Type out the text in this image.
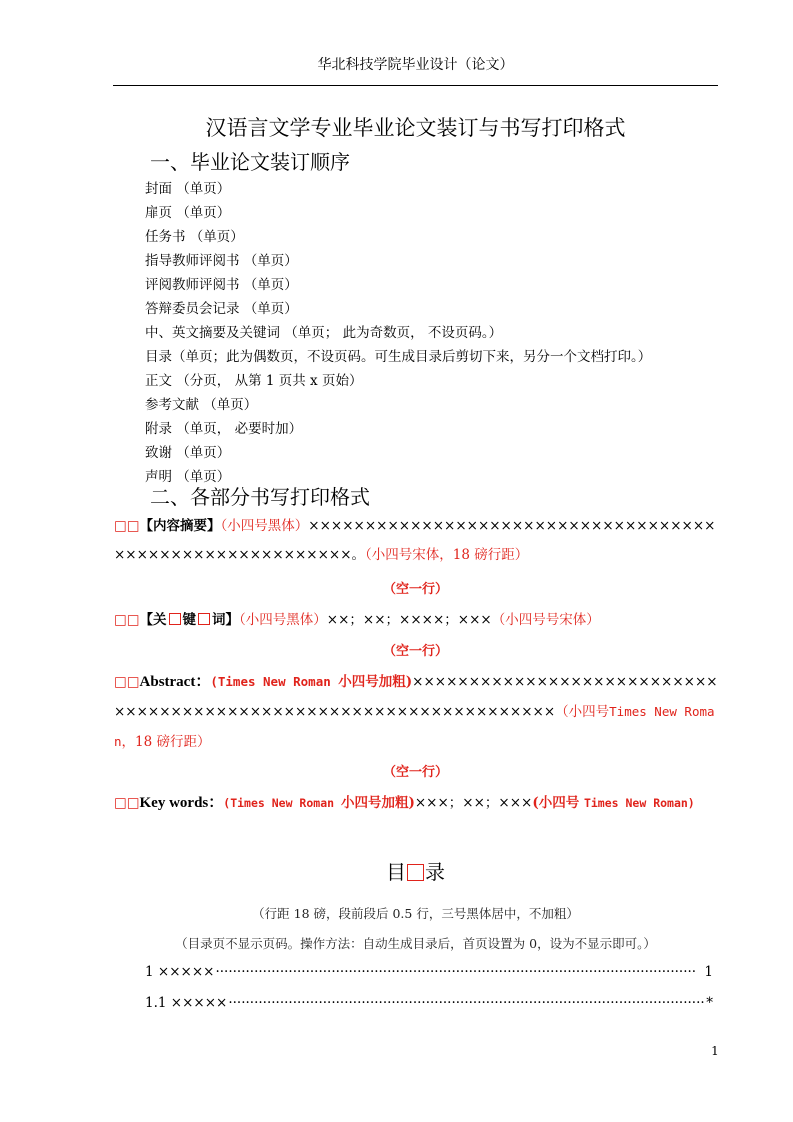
华北科技学院毕业设计（论文）
汉语言文学专业毕业论文装订与书写打印格式
一、毕业论文装订顺序
封面 （单页）
扉页 （单页）
任务书 （单页）
指导教师评阅书 （单页）
评阅教师评阅书 （单页）
答辩委员会记录 （单页）
中、英文摘要及关键词 （单页； 此为奇数页， 不设页码。）
目录（单页；此为偶数页，不设页码。可生成目录后剪切下来，另分一个文档打印。）
正文 （分页， 从第 1 页共 x 页始）
参考文献 （单页）
附录 （单页， 必要时加）
致谢 （单页）
声明 （单页）
二、各部分书写打印格式
□□【内容摘要】（小四号黑体）×××××××××××××××××××××××××××××××××××××××××××××××××××××××××。（小四号宋体，18 磅行距）
（空一行）
□□【关 键 词】（小四号黑体）××；××；××××；×××（小四号号宋体）
（空一行）
□□Abstract：(Times New Roman 小四号加粗)××××××××××××××××××××××××××××××××××××××××××××××××××××××××××××××××××（小四号Times New Roman，18 磅行距）
（空一行）
□□Key words：(Times New Roman 小四号加粗)×××；××；×××(小四号 Times New Roman)
目 录
（行距 18 磅，段前段后 0.5 行，三号黑体居中，不加粗）
（目录页不显示页码。操作方法：自动生成目录后，首页设置为 0，设为不显示即可。）
1 ××××× ·····	1
1.1 ××××× ·····	*
1
